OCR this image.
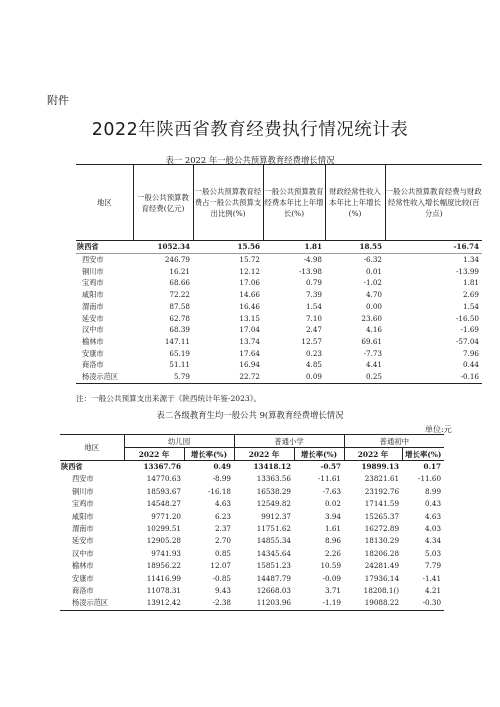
附件
2022年陕西省教育经费执行情况统计表
表一 2022 年一般公共预算教育经费增长情况
地区	一般公共预算教育经费(亿元)	一般公共预算教育经费占一般公共预算支出比例(%)	一般公共预算教育经费本年比上年增长(%)	财政经常性收入本年比上年增长(%)	一般公共预算教育经费与财政经常性收入增长幅度比较(百分点)
陕西省	1052.34	15.56	1.81	18.55	-16.74
西安市	246.79	15.72	-4.98	-6.32	1.34
铜川市	16.21	12.12	-13.98	0.01	-13.99
宝鸡市	68.66	17.06	0.79	-1.02	1.81
咸阳市	72.22	14.66	7.39	4.70	2.69
渭南市	87.58	16.46	1.54	0.00	1.54
延安市	62.78	13.15	7.10	23.60	-16.50
汉中市	68.39	17.04	2.47	4.16	-1.69
榆林市	147.11	13.74	12.57	69.61	-57.04
安康市	65.19	17.64	0.23	-7.73	7.96
商洛市	51.11	16.94	4.85	4.41	0.44
杨凌示范区	5.79	22.72	0.09	0.25	-0.16
注：一般公共预算支出来源于《陕西统计年鉴-2023》。
表二各级教育生均一般公共 9(算教育经费增长情况
单位:元
地区	幼儿园		普通小学		普通初中	
	2022 年	增长率(%)	2022 年	增长率(%)	2022 年	增长率(%)
陕西省	13367.76	0.49	13418.12	-0.57	19899.13	0.17
西安市	14770.63	-8.99	13363.56	-11.61	23821.61	-11.60
铜川市	18593.67	-16.18	16538.29	-7.63	23192.76	8.99
宝鸡市	14548.27	4.63	12549.82	0.02	17141.59	0.43
咸阳市	9771.20	6.23	9912.37	3.94	15265.37	4.63
渭南市	10299.51	2.37	11751.62	1.61	16272.89	4.03
延安市	12905.28	2.70	14855.34	8.96	18130.29	4.34
汉中市	9741.93	0.85	14345.64	2.26	18206.28	5.03
榆林市	18956.22	12.07	15851.23	10.59	24281.49	7.79
安康市	11416.99	-0.85	14487.79	-0.09	17936.14	-1.41
商洛市	11078.31	9.43	12668.03	3.71	18208.1()	4.21
杨凌示范区	13912.42	-2.38	11203.96	-1.19	19088.22	-0.30
